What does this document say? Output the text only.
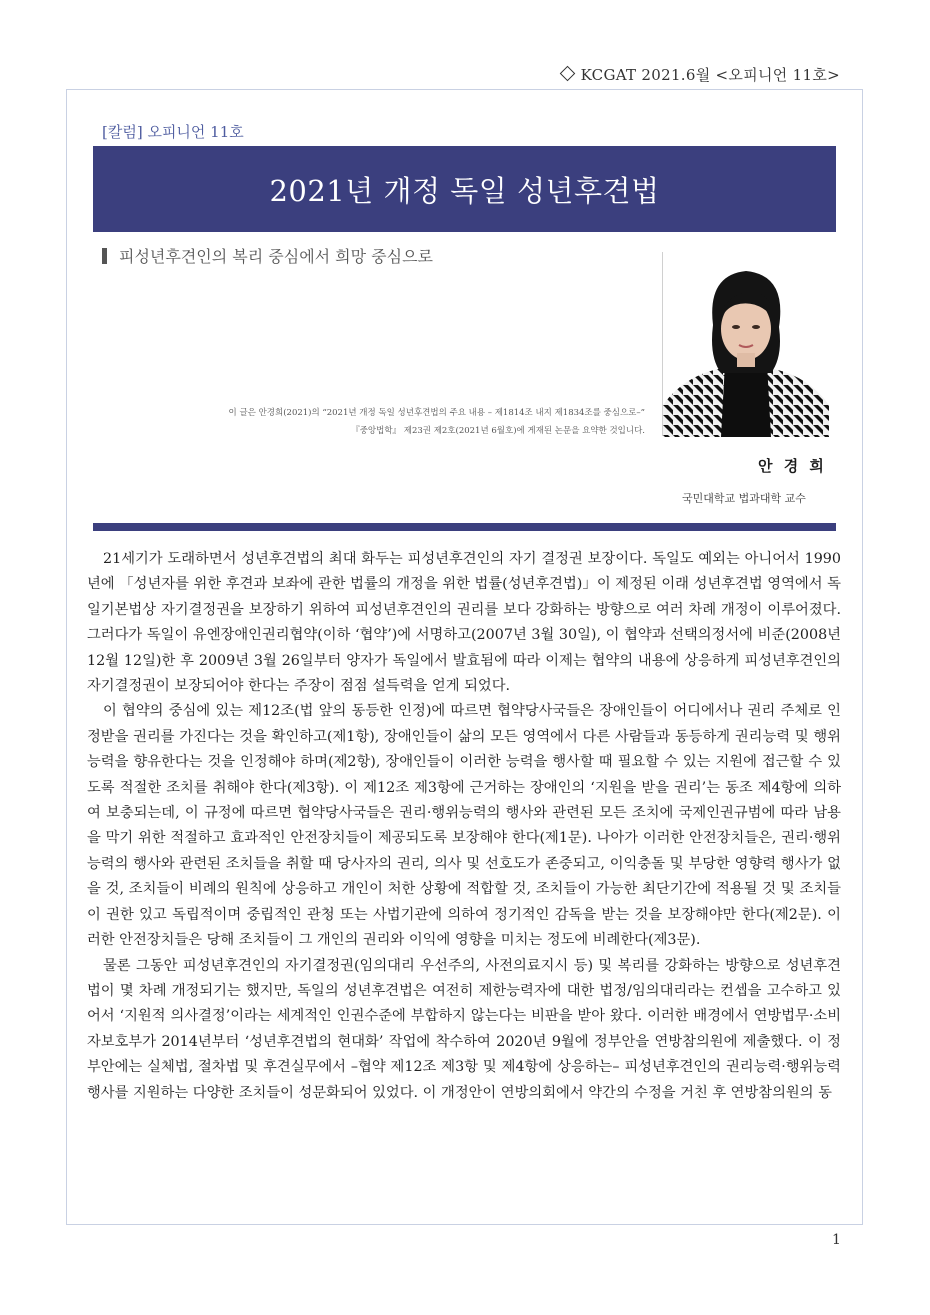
KCGAT 2021.6월 <오피니언 11호>
[칼럼] 오피니언 11호
2021년 개정 독일 성년후견법
피성년후견인의 복리 중심에서 희망 중심으로
이 글은 안경희(2021)의 “2021년 개정 독일 성년후견법의 주요 내용 – 제1814조 내지 제1834조를 중심으로–”
『중앙법학』 제23권 제2호(2021년 6월호)에 게재된 논문을 요약한 것입니다.
안 경 희
국민대학교 법과대학 교수

21세기가 도래하면서 성년후견법의 최대 화두는 피성년후견인의 자기 결정권 보장이다. 독일도 예외는 아니어서 1990년에 「성년자를 위한 후견과 보좌에 관한 법률의 개정을 위한 법률(성년후견법)」이 제정된 이래 성년후견법 영역에서 독일기본법상 자기결정권을 보장하기 위하여 피성년후견인의 권리를 보다 강화하는 방향으로 여러 차례 개정이 이루어졌다. 그러다가 독일이 유엔장애인권리협약(이하 ‘협약’)에 서명하고(2007년 3월 30일), 이 협약과 선택의정서에 비준(2008년 12월 12일)한 후 2009년 3월 26일부터 양자가 독일에서 발효됨에 따라 이제는 협약의 내용에 상응하게 피성년후견인의 자기결정권이 보장되어야 한다는 주장이 점점 설득력을 얻게 되었다.

이 협약의 중심에 있는 제12조(법 앞의 동등한 인정)에 따르면 협약당사국들은 장애인들이 어디에서나 권리 주체로 인정받을 권리를 가진다는 것을 확인하고(제1항), 장애인들이 삶의 모든 영역에서 다른 사람들과 동등하게 권리능력 및 행위능력을 향유한다는 것을 인정해야 하며(제2항), 장애인들이 이러한 능력을 행사할 때 필요할 수 있는 지원에 접근할 수 있도록 적절한 조치를 취해야 한다(제3항). 이 제12조 제3항에 근거하는 장애인의 ‘지원을 받을 권리’는 동조 제4항에 의하여 보충되는데, 이 규정에 따르면 협약당사국들은 권리·행위능력의 행사와 관련된 모든 조치에 국제인권규범에 따라 남용을 막기 위한 적절하고 효과적인 안전장치들이 제공되도록 보장해야 한다(제1문). 나아가 이러한 안전장치들은, 권리·행위능력의 행사와 관련된 조치들을 취할 때 당사자의 권리, 의사 및 선호도가 존중되고, 이익충돌 및 부당한 영향력 행사가 없을 것, 조치들이 비례의 원칙에 상응하고 개인이 처한 상황에 적합할 것, 조치들이 가능한 최단기간에 적용될 것 및 조치들이 권한 있고 독립적이며 중립적인 관청 또는 사법기관에 의하여 정기적인 감독을 받는 것을 보장해야만 한다(제2문). 이러한 안전장치들은 당해 조치들이 그 개인의 권리와 이익에 영향을 미치는 정도에 비례한다(제3문).

물론 그동안 피성년후견인의 자기결정권(임의대리 우선주의, 사전의료지시 등) 및 복리를 강화하는 방향으로 성년후견법이 몇 차례 개정되기는 했지만, 독일의 성년후견법은 여전히 제한능력자에 대한 법정/임의대리라는 컨셉을 고수하고 있어서 ‘지원적 의사결정’이라는 세계적인 인권수준에 부합하지 않는다는 비판을 받아 왔다. 이러한 배경에서 연방법무·소비자보호부가 2014년부터 ‘성년후견법의 현대화’ 작업에 착수하여 2020년 9월에 정부안을 연방참의원에 제출했다. 이 정부안에는 실체법, 절차법 및 후견실무에서 –협약 제12조 제3항 및 제4항에 상응하는– 피성년후견인의 권리능력·행위능력 행사를 지원하는 다양한 조치들이 성문화되어 있었다. 이 개정안이 연방의회에서 약간의 수정을 거친 후 연방참의원의 동

1
